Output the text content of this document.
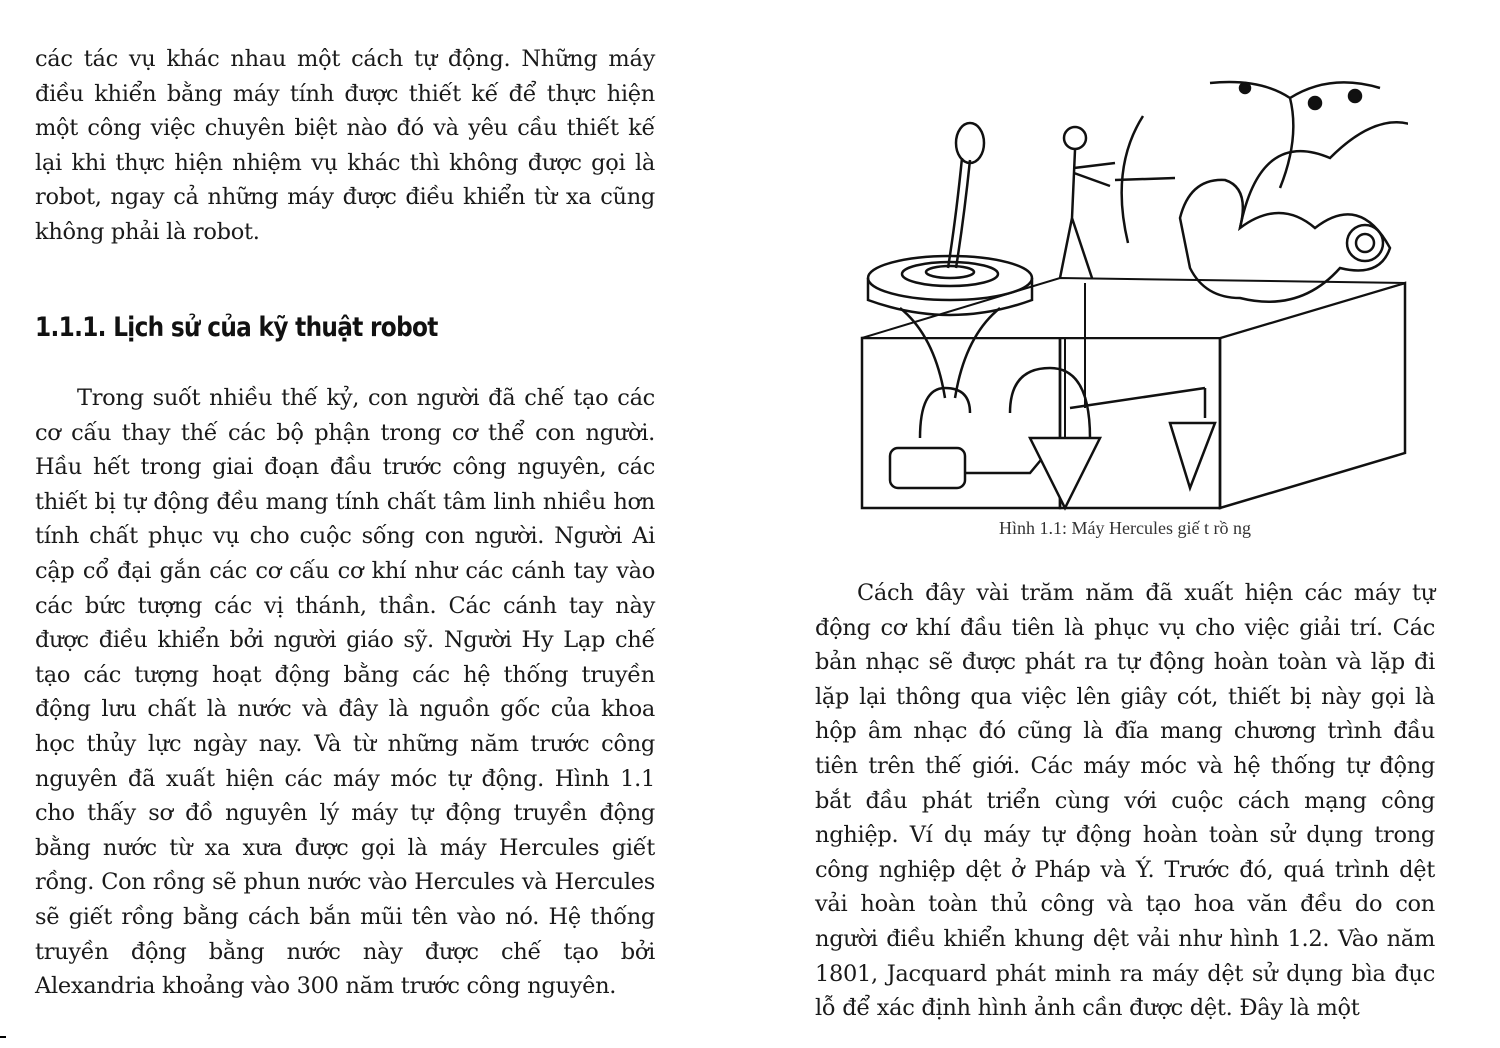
các tác vụ khác nhau một cách tự động. Những máy điều khiển bằng máy tính được thiết kế để thực hiện một công việc chuyên biệt nào đó và yêu cầu thiết kế lại khi thực hiện nhiệm vụ khác thì không được gọi là robot, ngay cả những máy được điều khiển từ xa cũng không phải là robot.

1.1.1. Lịch sử của kỹ thuật robot

Trong suốt nhiều thế kỷ, con người đã chế tạo các cơ cấu thay thế các bộ phận trong cơ thể con người. Hầu hết trong giai đoạn đầu trước công nguyên, các thiết bị tự động đều mang tính chất tâm linh nhiều hơn tính chất phục vụ cho cuộc sống con người. Người Ai cập cổ đại gắn các cơ cấu cơ khí như các cánh tay vào các bức tượng các vị thánh, thần. Các cánh tay này được điều khiển bởi người giáo sỹ. Người Hy Lạp chế tạo các tượng hoạt động bằng các hệ thống truyền động lưu chất là nước và đây là nguồn gốc của khoa học thủy lực ngày nay. Và từ những năm trước công nguyên đã xuất hiện các máy móc tự động. Hình 1.1 cho thấy sơ đồ nguyên lý máy tự động truyền động bằng nước từ xa xưa được gọi là máy Hercules giết rồng. Con rồng sẽ phun nước vào Hercules và Hercules sẽ giết rồng bằng cách bắn mũi tên vào nó. Hệ thống truyền động bằng nước này được chế tạo bởi Alexandria khoảng vào 300 năm trước công nguyên.

Hình 1.1: Máy Hercules giế t rồ ng

Cách đây vài trăm năm đã xuất hiện các máy tự động cơ khí đầu tiên là phục vụ cho việc giải trí. Các bản nhạc sẽ được phát ra tự động hoàn toàn và lặp đi lặp lại thông qua việc lên giây cót, thiết bị này gọi là hộp âm nhạc đó cũng là đĩa mang chương trình đầu tiên trên thế giới. Các máy móc và hệ thống tự động bắt đầu phát triển cùng với cuộc cách mạng công nghiệp. Ví dụ máy tự động hoàn toàn sử dụng trong công nghiệp dệt ở Pháp và Ý. Trước đó, quá trình dệt vải hoàn toàn thủ công và tạo hoa văn đều do con người điều khiển khung dệt vải như hình 1.2. Vào năm 1801, Jacquard phát minh ra máy dệt sử dụng bìa đục lỗ để xác định hình ảnh cần được dệt. Đây là một
